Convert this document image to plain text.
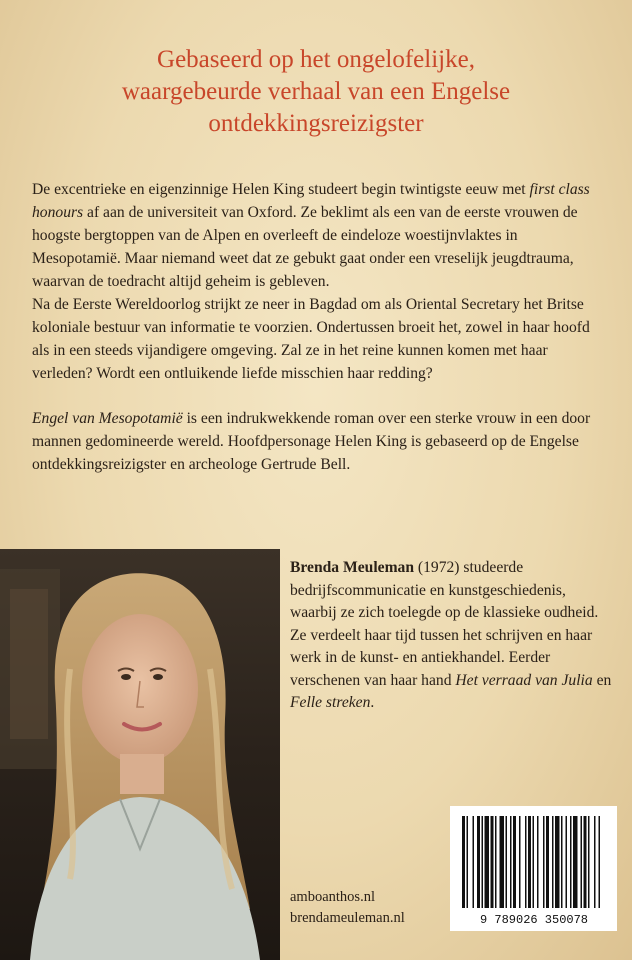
Gebaseerd op het ongelofelijke,
waargebeurde verhaal van een Engelse
ontdekkingsreizigster

De excentrieke en eigenzinnige Helen King studeert begin twintigste eeuw met first class honours af aan de universiteit van Oxford. Ze beklimt als een van de eerste vrouwen de hoogste bergtoppen van de Alpen en overleeft de eindeloze woestijnvlaktes in Mesopotamië. Maar niemand weet dat ze gebukt gaat onder een vreselijk jeugdtrauma, waarvan de toedracht altijd geheim is gebleven.

Na de Eerste Wereldoorlog strijkt ze neer in Bagdad om als Oriental Secretary het Britse koloniale bestuur van informatie te voorzien. Ondertussen broeit het, zowel in haar hoofd als in een steeds vijandigere omgeving. Zal ze in het reine kunnen komen met haar verleden? Wordt een ontluikende liefde misschien haar redding?

Engel van Mesopotamië is een indrukwekkende roman over een sterke vrouw in een door mannen gedomineerde wereld. Hoofdpersonage Helen King is gebaseerd op de Engelse ontdekkingsreizigster en archeologe Gertrude Bell.

Brenda Meuleman (1972) studeerde bedrijfscommunicatie en kunstgeschiedenis, waarbij ze zich toelegde op de klassieke oudheid. Ze verdeelt haar tijd tussen het schrijven en haar werk in de kunst- en antiekhandel. Eerder verschenen van haar hand Het verraad van Julia en Felle streken.

amboanthos.nl
brendameuleman.nl	9 789026 350078
